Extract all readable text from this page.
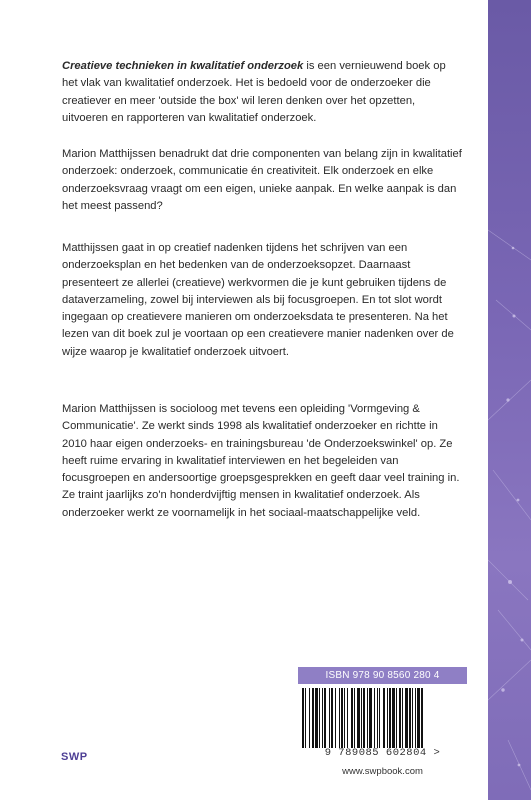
Creatieve technieken in kwalitatief onderzoek is een vernieuwend boek op het vlak van kwalitatief onderzoek. Het is bedoeld voor de onderzoeker die creatiever en meer 'outside the box' wil leren denken over het opzetten, uitvoeren en rapporteren van kwalitatief onderzoek.

Marion Matthijssen benadrukt dat drie componenten van belang zijn in kwalitatief onderzoek: onderzoek, communicatie én creativiteit. Elk onderzoek en elke onderzoeksvraag vraagt om een eigen, unieke aanpak. En welke aanpak is dan het meest passend?

Matthijssen gaat in op creatief nadenken tijdens het schrijven van een onderzoeksplan en het bedenken van de onderzoeksopzet. Daarnaast presenteert ze allerlei (creatieve) werkvormen die je kunt gebruiken tijdens de dataverzameling, zowel bij interviewen als bij focusgroepen. En tot slot wordt ingegaan op creatievere manieren om onderzoeksdata te presenteren. Na het lezen van dit boek zul je voortaan op een creatievere manier nadenken over de wijze waarop je kwalitatief onderzoek uitvoert.

Marion Matthijssen is socioloog met tevens een opleiding 'Vormgeving & Communicatie'. Ze werkt sinds 1998 als kwalitatief onderzoeker en richtte in 2010 haar eigen onderzoeks- en trainingsbureau 'de Onderzoekswinkel' op. Ze heeft ruime ervaring in kwalitatief interviewen en het begeleiden van focusgroepen en andersoortige groepsgesprekken en geeft daar veel training in. Ze traint jaarlijks zo'n honderdvijftig mensen in kwalitatief onderzoek. Als onderzoeker werkt ze voornamelijk in het sociaal-maatschappelijke veld.

ISBN 978 90 8560 280 4
9 789085 602804 >
www.swpbook.com
SWP
